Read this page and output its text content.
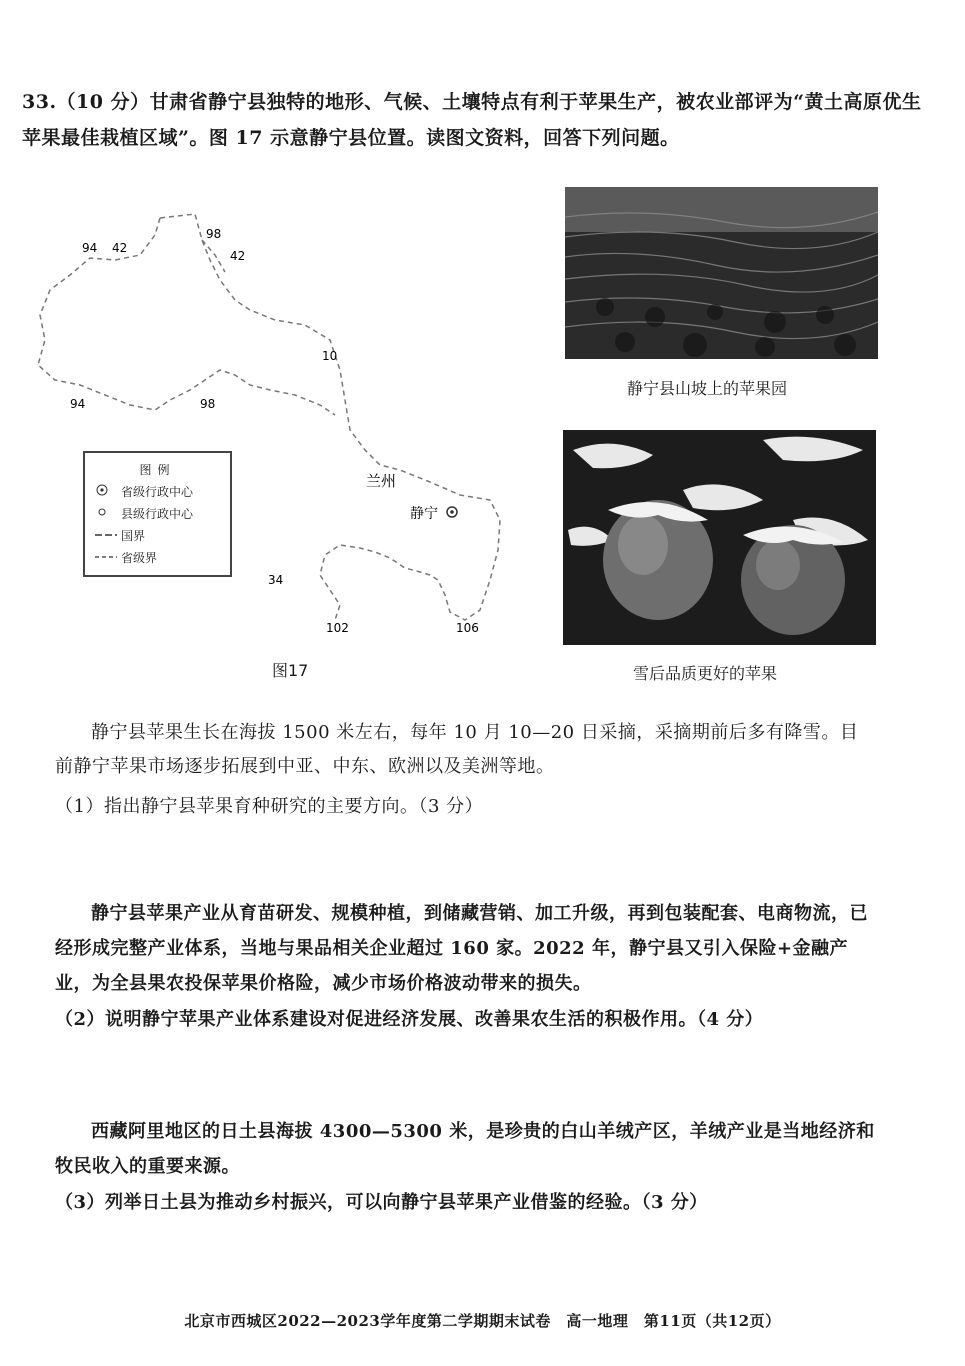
33.（10 分）甘肃省静宁县独特的地形、气候、土壤特点有利于苹果生产，被农业部评为“黄土高原优生苹果最佳栽植区域”。图 17 示意静宁县位置。读图文资料，回答下列问题。
94 42
98
42
94	98
10
34
102	106
兰州
静宁
图例
省级行政中心
县级行政中心
国界
省级界
图17
静宁县山坡上的苹果园
雪后品质更好的苹果
静宁县苹果生长在海拔 1500 米左右，每年 10 月 10—20 日采摘，采摘期前后多有降雪。目前静宁苹果市场逐步拓展到中亚、中东、欧洲以及美洲等地。
（1）指出静宁县苹果育种研究的主要方向。（3 分）
静宁县苹果产业从育苗研发、规模种植，到储藏营销、加工升级，再到包装配套、电商物流，已经形成完整产业体系，当地与果品相关企业超过 160 家。2022 年，静宁县又引入保险+金融产业，为全县果农投保苹果价格险，减少市场价格波动带来的损失。
（2）说明静宁苹果产业体系建设对促进经济发展、改善果农生活的积极作用。（4 分）
西藏阿里地区的日土县海拔 4300—5300 米，是珍贵的白山羊绒产区，羊绒产业是当地经济和牧民收入的重要来源。
（3）列举日土县为推动乡村振兴，可以向静宁县苹果产业借鉴的经验。（3 分）
北京市西城区2022—2023学年度第二学期期末试卷　高一地理　第11页（共12页）
